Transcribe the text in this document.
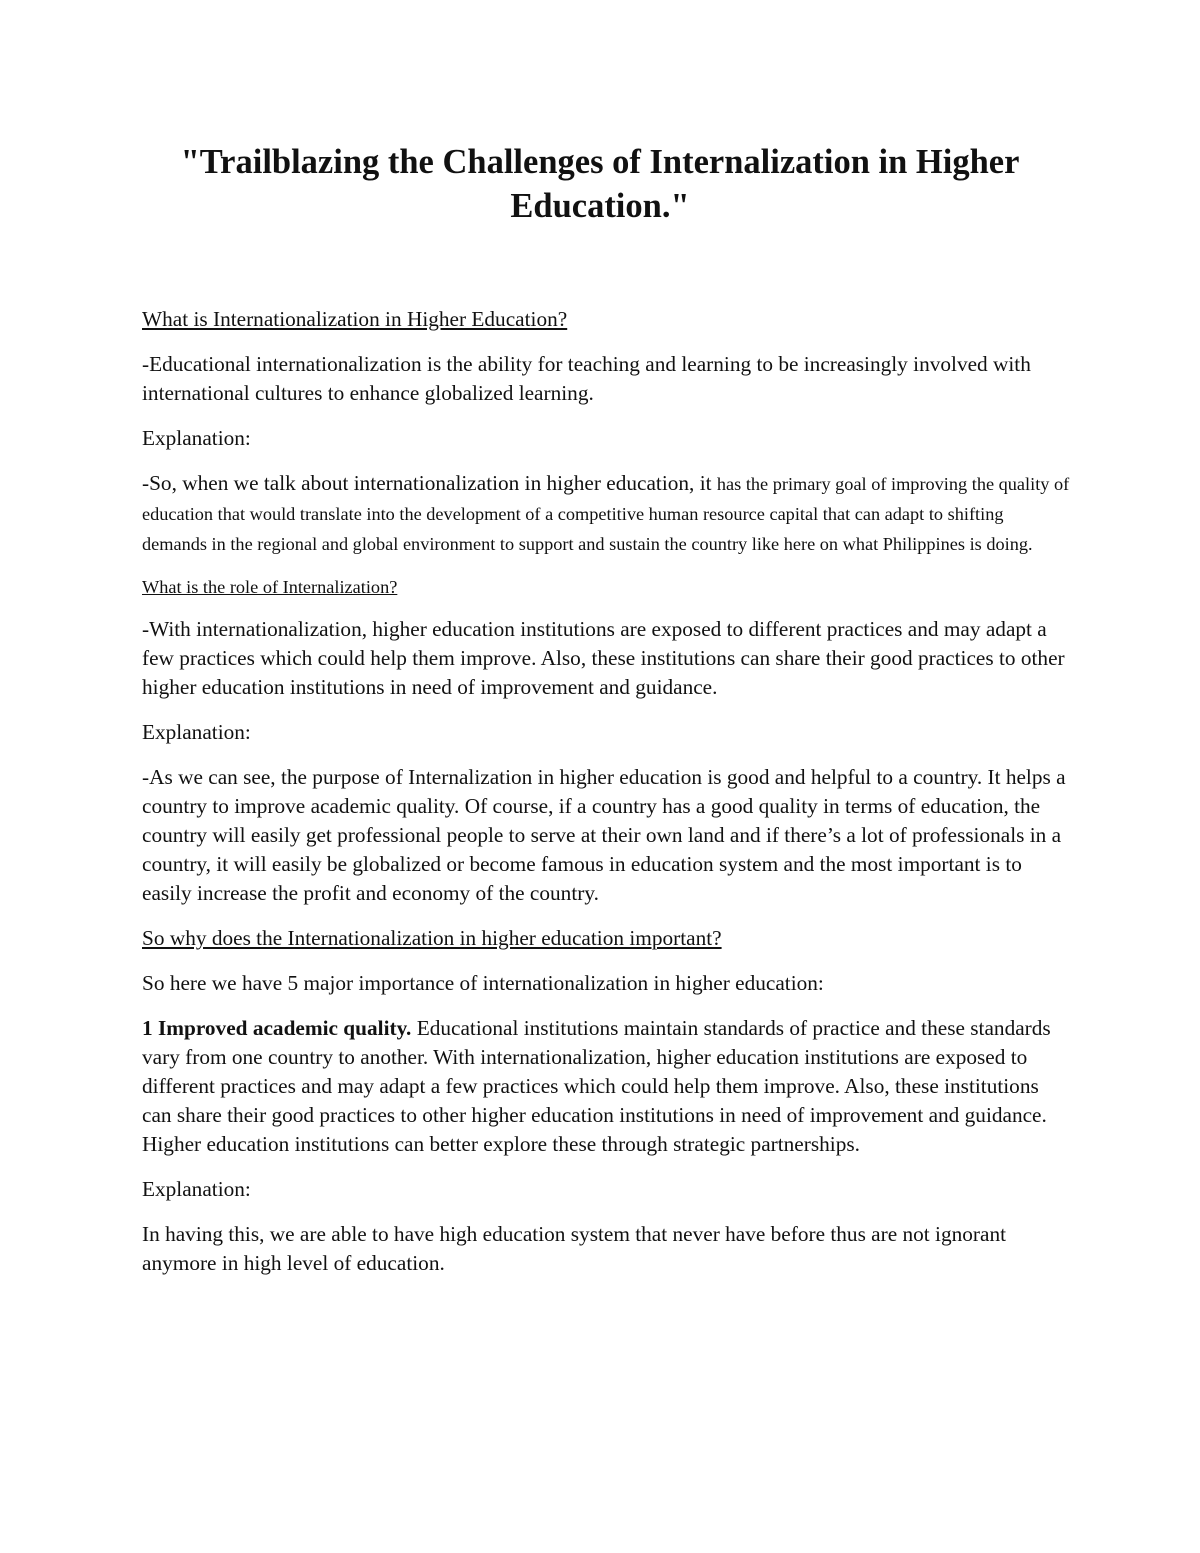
"Trailblazing the Challenges of Internalization in Higher Education."

What is Internationalization in Higher Education?

-Educational internationalization is the ability for teaching and learning to be increasingly involved with international cultures to enhance globalized learning.

Explanation:

-So, when we talk about internationalization in higher education, it has the primary goal of improving the quality of education that would translate into the development of a competitive human resource capital that can adapt to shifting demands in the regional and global environment to support and sustain the country like here on what Philippines is doing.

What is the role of Internalization?

-With internationalization, higher education institutions are exposed to different practices and may adapt a few practices which could help them improve. Also, these institutions can share their good practices to other higher education institutions in need of improvement and guidance.

Explanation:

-As we can see, the purpose of Internalization in higher education is good and helpful to a country. It helps a country to improve academic quality. Of course, if a country has a good quality in terms of education, the country will easily get professional people to serve at their own land and if there’s a lot of professionals in a country, it will easily be globalized or become famous in education system and the most important is to easily increase the profit and economy of the country.

So why does the Internationalization in higher education important?

So here we have 5 major importance of internationalization in higher education:

1 Improved academic quality. Educational institutions maintain standards of practice and these standards vary from one country to another. With internationalization, higher education institutions are exposed to different practices and may adapt a few practices which could help them improve. Also, these institutions can share their good practices to other higher education institutions in need of improvement and guidance. Higher education institutions can better explore these through strategic partnerships.

Explanation:

In having this, we are able to have high education system that never have before thus are not ignorant anymore in high level of education.
